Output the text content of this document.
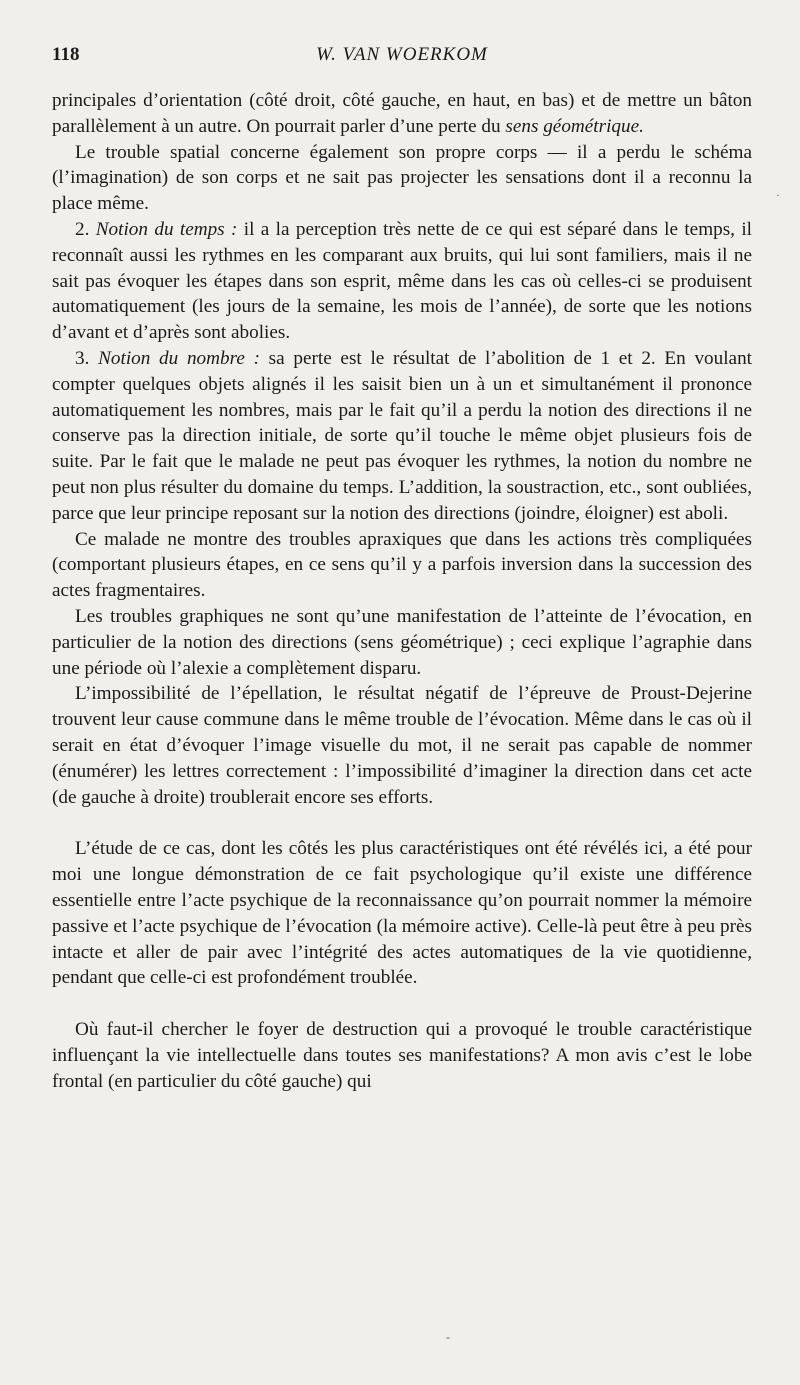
118	W. VAN WOERKOM

principales d’orientation (côté droit, côté gauche, en haut, en bas) et de mettre un bâton parallèlement à un autre. On pourrait parler d’une perte du sens géométrique.

Le trouble spatial concerne également son propre corps — il a perdu le schéma (l’imagination) de son corps et ne sait pas projecter les sensations dont il a reconnu la place même.

2. Notion du temps : il a la perception très nette de ce qui est séparé dans le temps, il reconnaît aussi les rythmes en les comparant aux bruits, qui lui sont familiers, mais il ne sait pas évoquer les étapes dans son esprit, même dans les cas où celles-ci se produisent automatiquement (les jours de la semaine, les mois de l’année), de sorte que les notions d’avant et d’après sont abolies.

3. Notion du nombre : sa perte est le résultat de l’abolition de 1 et 2. En voulant compter quelques objets alignés il les saisit bien un à un et simultanément il prononce automatiquement les nombres, mais par le fait qu’il a perdu la notion des directions il ne conserve pas la direction initiale, de sorte qu’il touche le même objet plusieurs fois de suite. Par le fait que le malade ne peut pas évoquer les rythmes, la notion du nombre ne peut non plus résulter du domaine du temps. L’addition, la soustraction, etc., sont oubliées, parce que leur principe reposant sur la notion des directions (joindre, éloigner) est aboli.

Ce malade ne montre des troubles apraxiques que dans les actions très compliquées (comportant plusieurs étapes, en ce sens qu’il y a parfois inversion dans la succession des actes fragmentaires.

Les troubles graphiques ne sont qu’une manifestation de l’atteinte de l’évocation, en particulier de la notion des directions (sens géométrique) ; ceci explique l’agraphie dans une période où l’alexie a complètement disparu.

L’impossibilité de l’épellation, le résultat négatif de l’épreuve de Proust-Dejerine trouvent leur cause commune dans le même trouble de l’évocation. Même dans le cas où il serait en état d’évoquer l’image visuelle du mot, il ne serait pas capable de nommer (énumérer) les lettres correctement : l’impossibilité d’imaginer la direction dans cet acte (de gauche à droite) troublerait encore ses efforts.

L’étude de ce cas, dont les côtés les plus caractéristiques ont été révélés ici, a été pour moi une longue démonstration de ce fait psychologique qu’il existe une différence essentielle entre l’acte psychique de la reconnaissance qu’on pourrait nommer la mémoire passive et l’acte psychique de l’évocation (la mémoire active). Celle-là peut être à peu près intacte et aller de pair avec l’intégrité des actes automatiques de la vie quotidienne, pendant que celle-ci est profondément troublée.

Où faut-il chercher le foyer de destruction qui a provoqué le trouble caractéristique influençant la vie intellectuelle dans toutes ses manifestations? A mon avis c’est le lobe frontal (en particulier du côté gauche) qui

·
-
